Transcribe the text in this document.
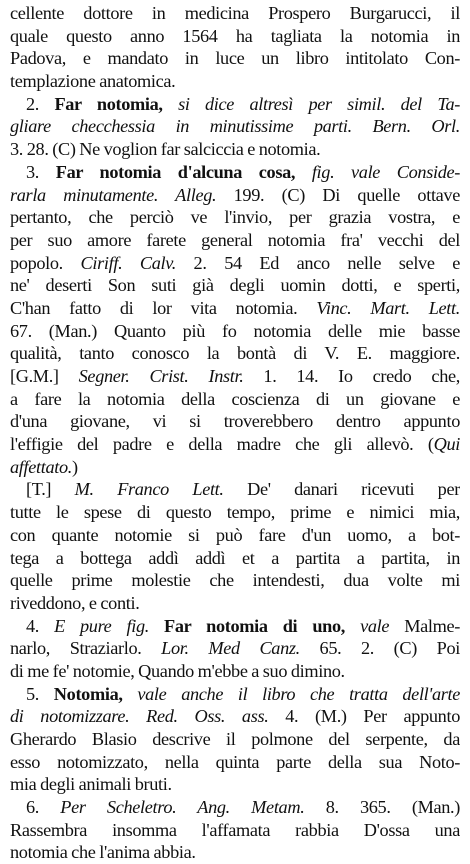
cellente dottore in medicina Prospero Burgarucci, il
quale questo anno 1564 ha tagliata la notomia in
Padova, e mandato in luce un libro intitolato Con-
templazione anatomica.
2. Far notomia, si dice altresì per simil. del Ta-
gliare checchessia in minutissime parti. Bern. Orl.
3. 28. (C) Ne voglion far salciccia e notomia.
3. Far notomia d'alcuna cosa, fig. vale Conside-
rarla minutamente. Alleg. 199. (C) Di quelle ottave
pertanto, che perciò ve l'invio, per grazia vostra, e
per suo amore farete general notomia fra' vecchi del
popolo. Ciriff. Calv. 2. 54 Ed anco nelle selve e
ne' deserti Son suti già degli uomin dotti, e sperti,
C'han fatto di lor vita notomia. Vinc. Mart. Lett.
67. (Man.) Quanto più fo notomia delle mie basse
qualità, tanto conosco la bontà di V. E. maggiore.
[G.M.] Segner. Crist. Instr. 1. 14. Io credo che,
a fare la notomia della coscienza di un giovane e
d'una giovane, vi si troverebbero dentro appunto
l'effigie del padre e della madre che gli allevò. (Qui
affettato.)
[T.] M. Franco Lett. De' danari ricevuti per
tutte le spese di questo tempo, prime e nimici mia,
con quante notomie si può fare d'un uomo, a bot-
tega a bottega addì addì et a partita a partita, in
quelle prime molestie che intendesti, dua volte mi
riveddono, e conti.
4. E pure fig. Far notomia di uno, vale Malme-
narlo, Straziarlo. Lor. Med Canz. 65. 2. (C) Poi
di me fe' notomie, Quando m'ebbe a suo dimino.
5. Notomia, vale anche il libro che tratta dell'arte
di notomizzare. Red. Oss. ass. 4. (M.) Per appunto
Gherardo Blasio descrive il polmone del serpente, da
esso notomizzato, nella quinta parte della sua Noto-
mia degli animali bruti.
6. Per Scheletro. Ang. Metam. 8. 365. (Man.)
Rassembra insomma l'affamata rabbia D'ossa una
notomia che l'anima abbia.
